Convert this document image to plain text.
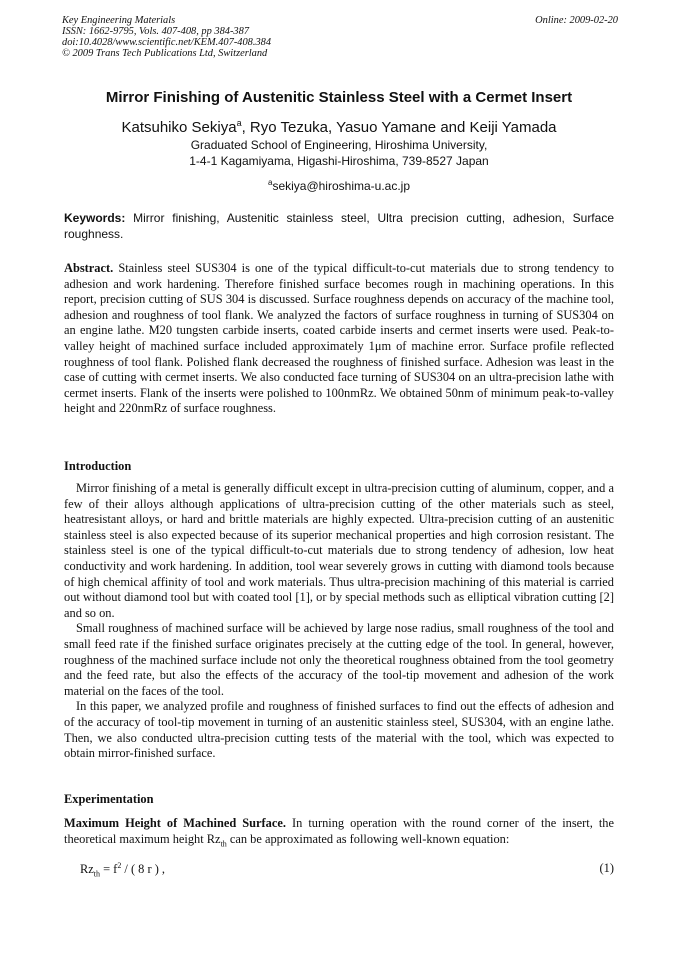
Key Engineering Materials
ISSN: 1662-9795, Vols. 407-408, pp 384-387
doi:10.4028/www.scientific.net/KEM.407-408.384
© 2009 Trans Tech Publications Ltd, Switzerland
Online: 2009-02-20
Mirror Finishing of Austenitic Stainless Steel with a Cermet Insert
Katsuhiko Sekiya$^a$, Ryo Tezuka, Yasuo Yamane and Keiji Yamada
Graduated School of Engineering, Hiroshima University,
1-4-1 Kagamiyama, Higashi-Hiroshima, 739-8527 Japan
$^a$sekiya@hiroshima-u.ac.jp
Keywords: Mirror finishing, Austenitic stainless steel, Ultra precision cutting, adhesion, Surface roughness.
Abstract. Stainless steel SUS304 is one of the typical difficult-to-cut materials due to strong tendency to adhesion and work hardening. Therefore finished surface becomes rough in machining operations. In this report, precision cutting of SUS 304 is discussed. Surface roughness depends on accuracy of the machine tool, adhesion and roughness of tool flank. We analyzed the factors of surface roughness in turning of SUS304 on an engine lathe. M20 tungsten carbide inserts, coated carbide inserts and cermet inserts were used. Peak-to-valley height of machined surface included approximately 1μm of machine error. Surface profile reflected roughness of tool flank. Polished flank decreased the roughness of finished surface. Adhesion was least in the case of cutting with cermet inserts. We also conducted face turning of SUS304 on an ultra-precision lathe with cermet inserts. Flank of the inserts were polished to 100nmRz. We obtained 50nm of minimum peak-to-valley height and 220nmRz of surface roughness.
Introduction

Mirror finishing of a metal is generally difficult except in ultra-precision cutting of aluminum, copper, and a few of their alloys although applications of ultra-precision cutting of the other materials such as steel, heatresistant alloys, or hard and brittle materials are highly expected. Ultra-precision cutting of an austenitic stainless steel is also expected because of its superior mechanical properties and high corrosion resistant. The stainless steel is one of the typical difficult-to-cut materials due to strong tendency of adhesion, low heat conductivity and work hardening. In addition, tool wear severely grows in cutting with diamond tools because of high chemical affinity of tool and work materials. Thus ultra-precision machining of this material is carried out without diamond tool but with coated tool [1], or by special methods such as elliptical vibration cutting [2] and so on.

Small roughness of machined surface will be achieved by large nose radius, small roughness of the tool and small feed rate if the finished surface originates precisely at the cutting edge of the tool. In general, however, roughness of the machined surface include not only the theoretical roughness obtained from the tool geometry and the feed rate, but also the effects of the accuracy of the tool-tip movement and adhesion of the work material on the faces of the tool.

In this paper, we analyzed profile and roughness of finished surfaces to find out the effects of adhesion and of the accuracy of tool-tip movement in turning of an austenitic stainless steel, SUS304, with an engine lathe. Then, we also conducted ultra-precision cutting tests of the material with the tool, which was expected to obtain mirror-finished surface.

Experimentation
Maximum Height of Machined Surface. In turning operation with the round corner of the insert, the theoretical maximum height $Rz_{th}$ can be approximated as following well-known equation:
$Rz_{th} = f^2$ / ( 8 r ) ,	(1)
